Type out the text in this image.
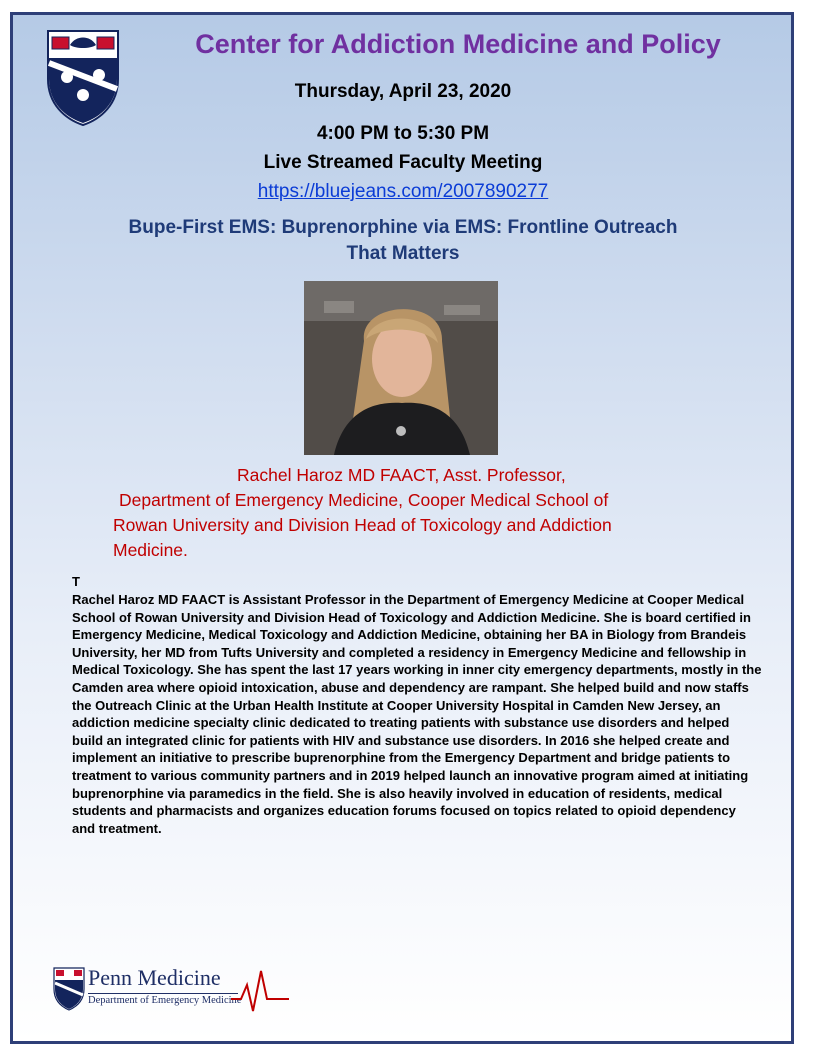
Center for Addiction Medicine and Policy
Thursday, April 23, 2020
4:00 PM to 5:30 PM
Live Streamed Faculty Meeting
https://bluejeans.com/2007890277
Bupe-First EMS: Buprenorphine via EMS: Frontline Outreach
That Matters
Rachel Haroz MD FAACT, Asst. Professor,
Department of Emergency Medicine, Cooper Medical School of
Rowan University and Division Head of Toxicology and Addiction
Medicine.
T
Rachel Haroz MD FAACT is Assistant Professor in the Department of Emergency Medicine at Cooper Medical School of Rowan University and Division Head of Toxicology and Addiction Medicine. She is board certified in Emergency Medicine, Medical Toxicology and Addiction Medicine, obtaining her BA in Biology from Brandeis University, her MD from Tufts University and completed a residency in Emergency Medicine and fellowship in Medical Toxicology. She has spent the last 17 years working in inner city emergency departments, mostly in the Camden area where opioid intoxication, abuse and dependency are rampant. She helped build and now staffs the Outreach Clinic at the Urban Health Institute at Cooper University Hospital in Camden New Jersey, an addiction medicine specialty clinic dedicated to treating patients with substance use disorders and helped build an integrated clinic for patients with HIV and substance use disorders. In 2016 she helped create and implement an initiative to prescribe buprenorphine from the Emergency Department and bridge patients to treatment to various community partners and in 2019 helped launch an innovative program aimed at initiating buprenorphine via paramedics in the field. She is also heavily involved in education of residents, medical students and pharmacists and organizes education forums focused on topics related to opioid dependency and treatment.
Penn Medicine
Department of Emergency Medicine
